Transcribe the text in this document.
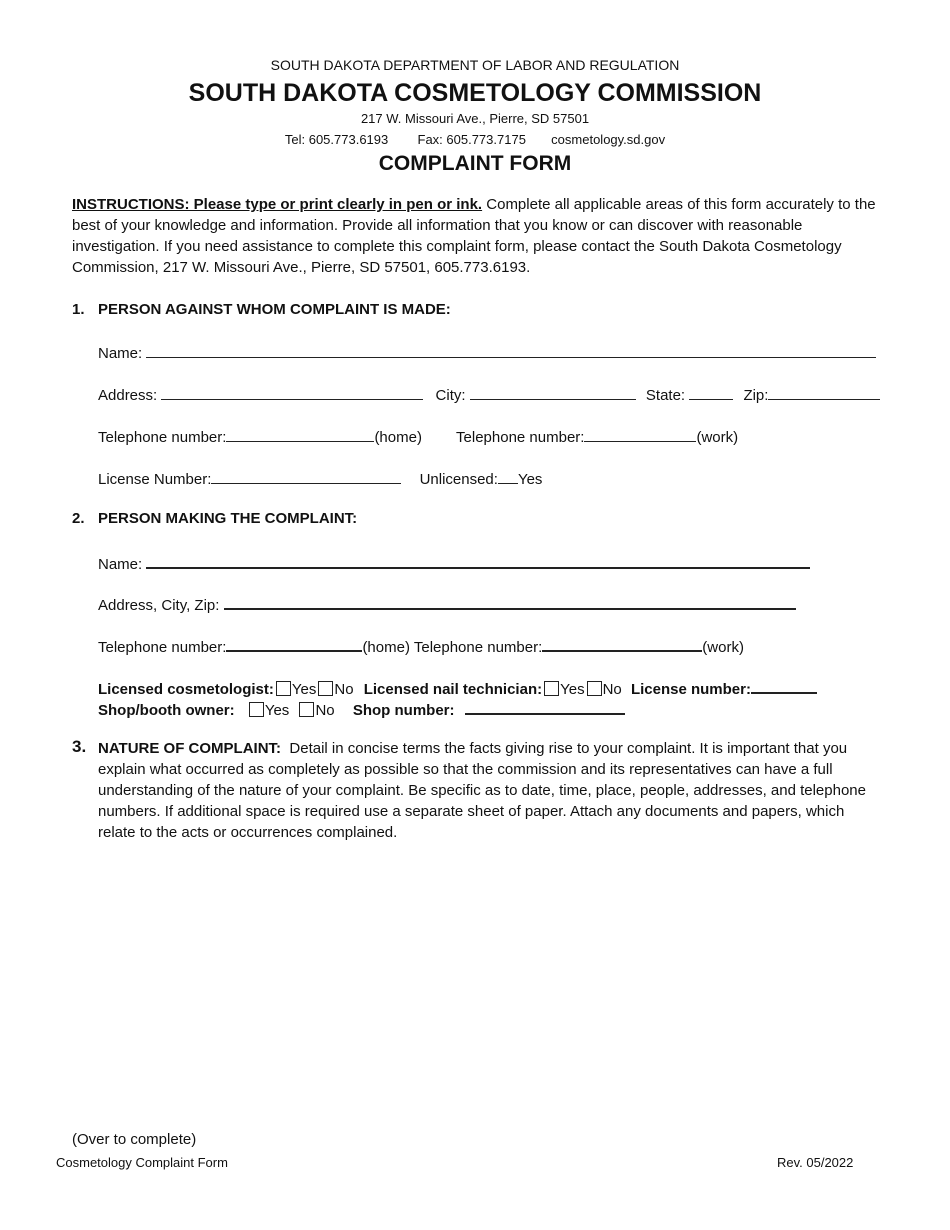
SOUTH DAKOTA DEPARTMENT OF LABOR AND REGULATION
SOUTH DAKOTA COSMETOLOGY COMMISSION
217 W. Missouri Ave., Pierre, SD 57501
Tel: 605.773.6193 Fax: 605.773.7175 cosmetology.sd.gov
COMPLAINT FORM
INSTRUCTIONS: Please type or print clearly in pen or ink. Complete all applicable areas of this form accurately to the best of your knowledge and information. Provide all information that you know or can discover with reasonable investigation. If you need assistance to complete this complaint form, please contact the South Dakota Cosmetology Commission, 217 W. Missouri Ave., Pierre, SD 57501, 605.773.6193.
1. PERSON AGAINST WHOM COMPLAINT IS MADE:
Name:
Address:	City:	State:	Zip:
Telephone number:	(home) Telephone number:	(work)
License Number:	Unlicensed: Yes
2. PERSON MAKING THE COMPLAINT:
Name:
Address, City, Zip:
Telephone number:	(home) Telephone number:	(work)
Licensed cosmetologist: Yes No Licensed nail technician: Yes No License number:
Shop/booth owner: Yes No Shop number:
3. NATURE OF COMPLAINT: Detail in concise terms the facts giving rise to your complaint. It is important that you explain what occurred as completely as possible so that the commission and its representatives can have a full understanding of the nature of your complaint. Be specific as to date, time, place, people, addresses, and telephone numbers. If additional space is required use a separate sheet of paper. Attach any documents and papers, which relate to the acts or occurrences complained.
(Over to complete)
Cosmetology Complaint Form	Rev. 05/2022
